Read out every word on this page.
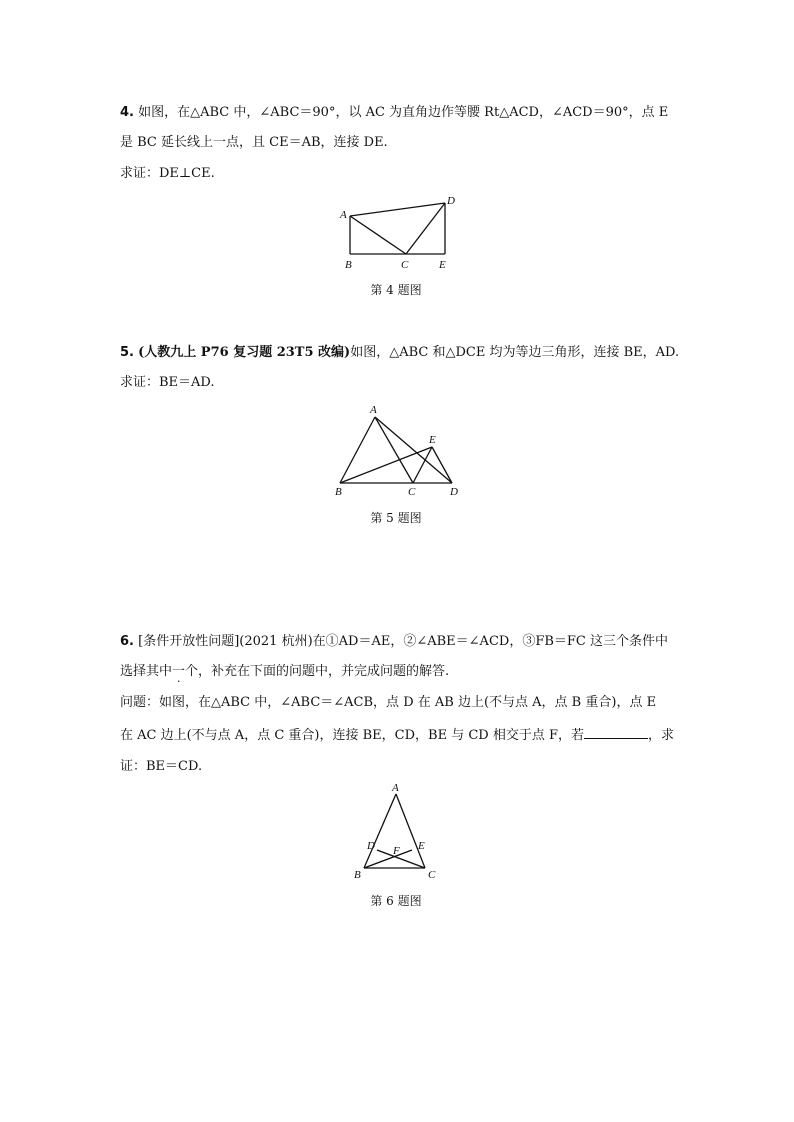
4. 如图，在△ABC 中，∠ABC＝90°，以 AC 为直角边作等腰 Rt△ACD，∠ACD＝90°，点 E
是 BC 延长线上一点，且 CE＝AB，连接 DE.
求证：DE⊥CE.
A
B	C
D
E
第 4 题图
5. (人教九上 P76 复习题 23T5 改编)如图，△ABC 和△DCE 均为等边三角形，连接 BE，AD.
求证：BE＝AD.
A
B	C	D
E
第 5 题图
6. [条件开放性问题](2021 杭州)在①AD＝AE，②∠ABE＝∠ACD，③FB＝FC 这三个条件中
选择其中一个，补充在下面的问题中，并完成问题的解答.
问题：如图，在△ABC 中，∠ABC＝∠ACB，点 D 在 AB 边上(不与点 A，点 B 重合)，点 E
在 AC 边上(不与点 A，点 C 重合)，连接 BE，CD，BE 与 CD 相交于点 F，若	，求
证：BE＝CD.
A
B	C
D	E
F
第 6 题图
